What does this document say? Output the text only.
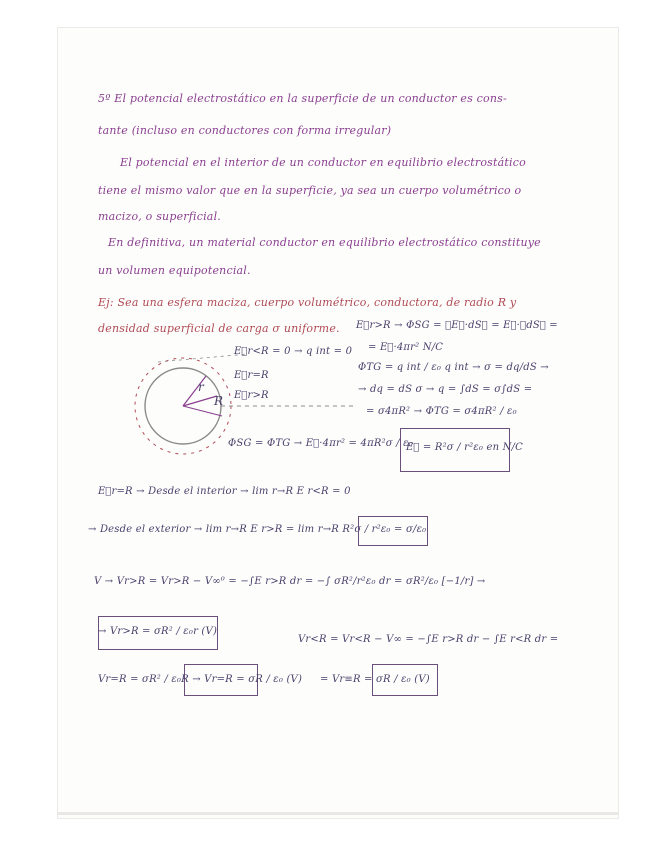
5º El potencial electrostático en la superficie de un conductor es cons-
tante (incluso en conductores con forma irregular)
El potencial en el interior de un conductor en equilibrio electrostático
tiene el mismo valor que en la superficie, ya sea un cuerpo volumétrico o
macizo, o superficial.
En definitiva, un material conductor en equilibrio electrostático constituye
un volumen equipotencial.
Ej: Sea una esfera maciza, cuerpo volumétrico, conductora, de radio R y
densidad superficial de carga σ uniforme. E⃗r>R → ΦSG = ∮E⃗·dS⃗ = E⃗·∮dS⃗ =
= E⃗·4πr² N/C
ΦTG = q int / ε₀ q int → σ = dq/dS →
→ dq = dS σ → q = ∫dS = σ∫dS =
= σ4πR² → ΦTG = σ4πR² / ε₀
E⃗r<R = 0 → q int = 0
E⃗r=R
E⃗r>R
r
R
ΦSG = ΦTG → E⃗·4πr² = 4πR²σ / ε₀
E⃗ = R²σ / r²ε₀ en N/C
E⃗r=R → Desde el interior → lim r→R E r<R = 0
→ Desde el exterior → lim r→R E r>R = lim r→R R²σ / r²ε₀ = σ/ε₀
V → Vr>R = Vr>R − V∞⁰ = −∫E r>R dr = −∫ σR²/r²ε₀ dr = σR²/ε₀ [−1/r] →
→ Vr>R = σR² / ε₀r (V)
Vr<R = Vr<R − V∞ = −∫E r>R dr − ∫E r<R dr =
Vr=R = σR² / ε₀R → Vr=R = σR / ε₀ (V) = Vr≡R = σR / ε₀ (V)
